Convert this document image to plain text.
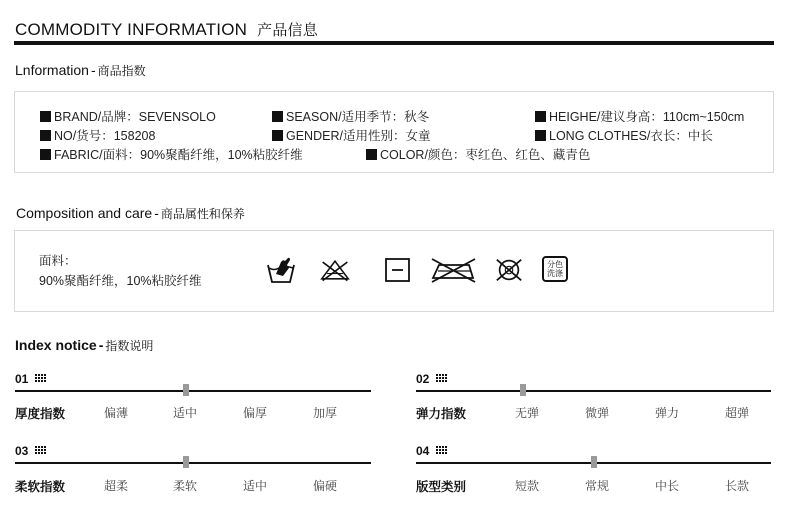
COMMODITY INFORMATION 产品信息
Lnformation - 商品指数
BRAND/品牌：SEVENSOLO	SEASON/适用季节：秋冬	HEIGHE/建议身高：110cm~150cm
NO/货号：158208	GENDER/适用性别：女童	LONG CLOTHES/衣长：中长
FABRIC/面料：90%聚酯纤维，10%粘胶纤维	COLOR/颜色：枣红色、红色、藏青色
Composition and care - 商品属性和保养
面料：
90%聚酯纤维，10%粘胶纤维
分色
洗涤
Index notice - 指数说明
01
厚度指数	偏薄	适中	偏厚	加厚
02
弹力指数	无弹	微弹	弹力	超弹
03
柔软指数	超柔	柔软	适中	偏硬
04
版型类别	短款	常规	中长	长款
